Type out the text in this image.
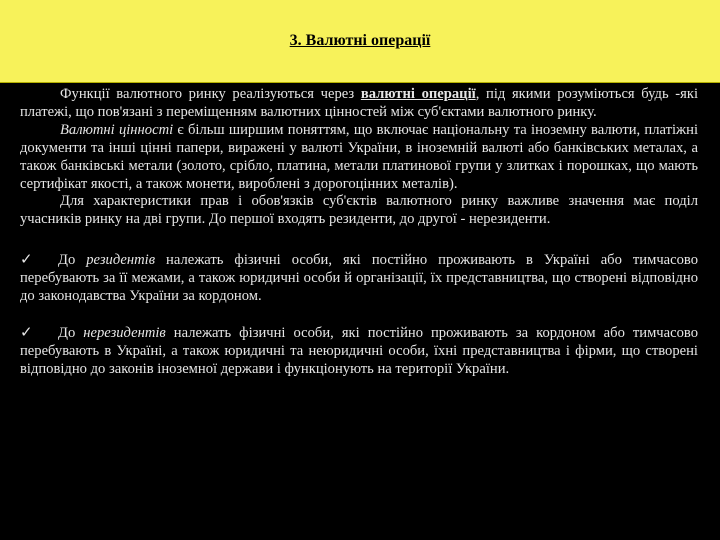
3. Валютні операції

Функції валютного ринку реалізуються через валютні операції, під якими розуміються будь -які платежі, що пов'язані з переміщенням валютних цінностей між суб'єктами валютного ринку.

Валютні цінності є більш ширшим поняттям, що включає національну та іноземну валюти, платіжні документи та інші цінні папери, виражені у валюті України, в іноземній валюті або банківських металах, а також банківські метали (золото, срібло, платина, метали платинової групи у злитках і порошках, що мають сертифікат якості, а також монети, вироблені з дорогоцінних металів).

Для характеристики прав і обов'язків суб'єктів валютного ринку важливе значення має поділ учасників ринку на дві групи. До першої входять резиденти, до другої - нерезиденти.

✓ До резидентів належать фізичні особи, які постійно проживають в Україні або тимчасово перебувають за її межами, а також юридичні особи й організації, їх представництва, що створені відповідно до законодавства України за кордоном.

✓ До нерезидентів належать фізичні особи, які постійно проживають за кордоном або тимчасово перебувають в Україні, а також юридичні та неюридичні особи, їхні представництва і фірми, що створені відповідно до законів іноземної держави і функціонують на території України.
